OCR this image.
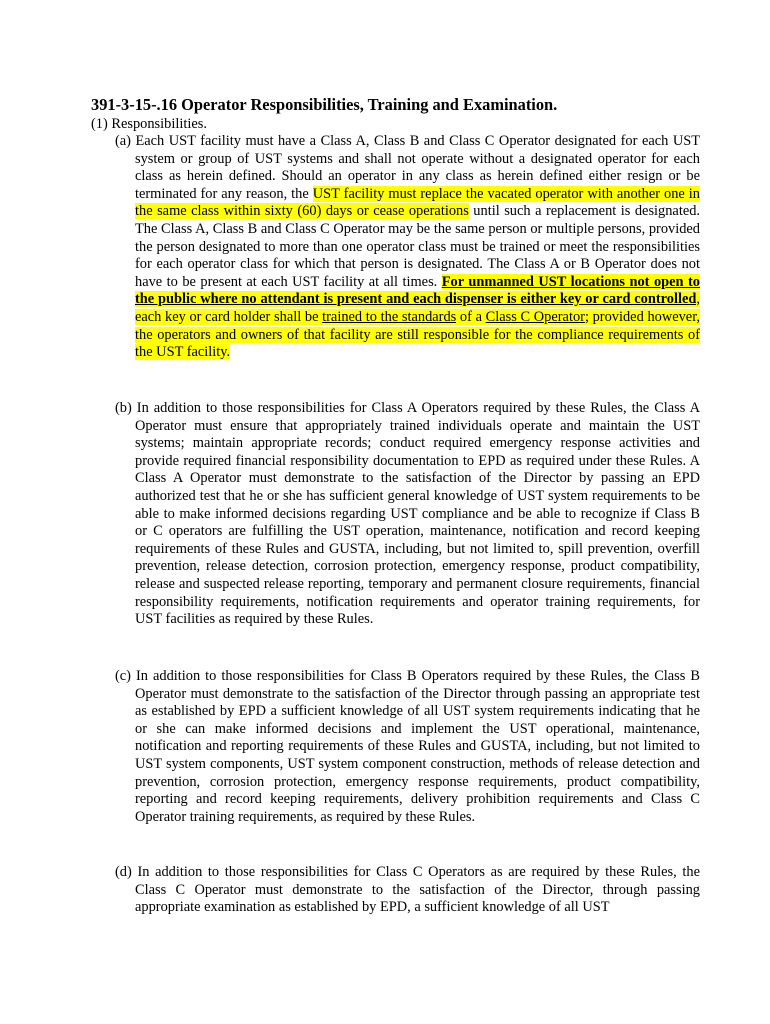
391-3-15-.16 Operator Responsibilities, Training and Examination.

(1) Responsibilities.

(a) Each UST facility must have a Class A, Class B and Class C Operator designated for each UST system or group of UST systems and shall not operate without a designated operator for each class as herein defined. Should an operator in any class as herein defined either resign or be terminated for any reason, the UST facility must replace the vacated operator with another one in the same class within sixty (60) days or cease operations until such a replacement is designated. The Class A, Class B and Class C Operator may be the same person or multiple persons, provided the person designated to more than one operator class must be trained or meet the responsibilities for each operator class for which that person is designated. The Class A or B Operator does not have to be present at each UST facility at all times. For unmanned UST locations not open to the public where no attendant is present and each dispenser is either key or card controlled, each key or card holder shall be trained to the standards of a Class C Operator; provided however, the operators and owners of that facility are still responsible for the compliance requirements of the UST facility.

(b) In addition to those responsibilities for Class A Operators required by these Rules, the Class A Operator must ensure that appropriately trained individuals operate and maintain the UST systems; maintain appropriate records; conduct required emergency response activities and provide required financial responsibility documentation to EPD as required under these Rules. A Class A Operator must demonstrate to the satisfaction of the Director by passing an EPD authorized test that he or she has sufficient general knowledge of UST system requirements to be able to make informed decisions regarding UST compliance and be able to recognize if Class B or C operators are fulfilling the UST operation, maintenance, notification and record keeping requirements of these Rules and GUSTA, including, but not limited to, spill prevention, overfill prevention, release detection, corrosion protection, emergency response, product compatibility, release and suspected release reporting, temporary and permanent closure requirements, financial responsibility requirements, notification requirements and operator training requirements, for UST facilities as required by these Rules.

(c) In addition to those responsibilities for Class B Operators required by these Rules, the Class B Operator must demonstrate to the satisfaction of the Director through passing an appropriate test as established by EPD a sufficient knowledge of all UST system requirements indicating that he or she can make informed decisions and implement the UST operational, maintenance, notification and reporting requirements of these Rules and GUSTA, including, but not limited to UST system components, UST system component construction, methods of release detection and prevention, corrosion protection, emergency response requirements, product compatibility, reporting and record keeping requirements, delivery prohibition requirements and Class C Operator training requirements, as required by these Rules.

(d) In addition to those responsibilities for Class C Operators as are required by these Rules, the Class C Operator must demonstrate to the satisfaction of the Director, through passing appropriate examination as established by EPD, a sufficient knowledge of all UST
